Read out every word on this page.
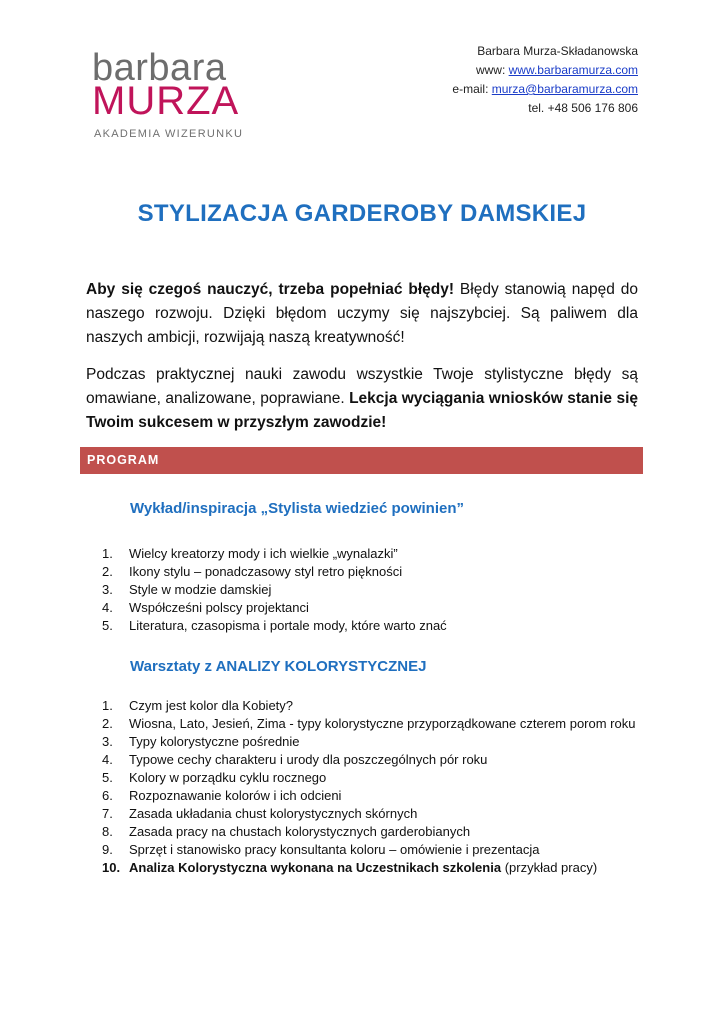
barbara
MURZA
AKADEMIA WIZERUNKU
Barbara Murza-Składanowska
www: www.barbaramurza.com
e-mail: murza@barbaramurza.com
tel. +48 506 176 806
STYLIZACJA GARDEROBY DAMSKIEJ
Aby się czegoś nauczyć, trzeba popełniać błędy! Błędy stanowią napęd do naszego rozwoju. Dzięki błędom uczymy się najszybciej. Są paliwem dla naszych ambicji, rozwijają naszą kreatywność!
Podczas praktycznej nauki zawodu wszystkie Twoje stylistyczne błędy są omawiane, analizowane, poprawiane. Lekcja wyciągania wniosków stanie się Twoim sukcesem w przyszłym zawodzie!
PROGRAM
Wykład/inspiracja „Stylista wiedzieć powinien”
1.	Wielcy kreatorzy mody i ich wielkie „wynalazki”
2.	Ikony stylu – ponadczasowy styl retro piękności
3.	Style w modzie damskiej
4.	Współcześni polscy projektanci
5.	Literatura, czasopisma i portale mody, które warto znać
Warsztaty z ANALIZY KOLORYSTYCZNEJ
1.	Czym jest kolor dla Kobiety?
2.	Wiosna, Lato, Jesień, Zima - typy kolorystyczne przyporządkowane czterem porom roku
3.	Typy kolorystyczne pośrednie
4.	Typowe cechy charakteru i urody dla poszczególnych pór roku
5.	Kolory w porządku cyklu rocznego
6.	Rozpoznawanie kolorów i ich odcieni
7.	Zasada układania chust kolorystycznych skórnych
8.	Zasada pracy na chustach kolorystycznych garderobianych
9.	Sprzęt i stanowisko pracy konsultanta koloru – omówienie i prezentacja
10. Analiza Kolorystyczna wykonana na Uczestnikach szkolenia (przykład pracy)
